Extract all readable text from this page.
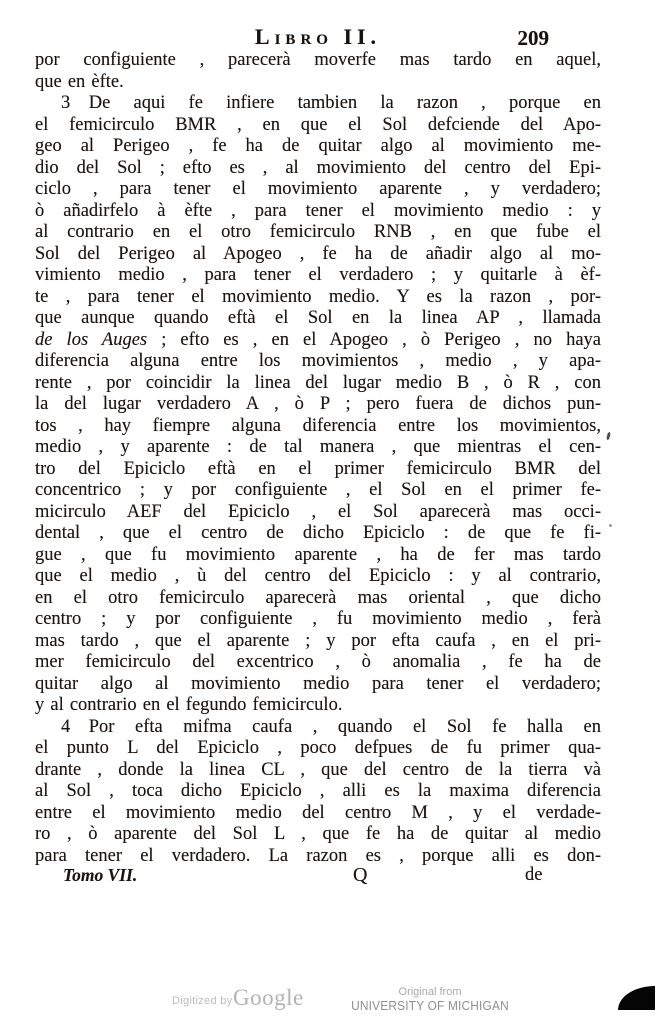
Libro II.	209
por configuiente , parecerà moverfe mas tardo en aquel,
que en èfte.
3  De aqui fe infiere tambien la razon , porque en
el femicirculo BMR , en que el Sol defciende del Apo-
geo al Perigeo , fe ha de quitar algo al movimiento me-
dio del Sol ; efto es , al movimiento del centro del Epi-
ciclo , para tener el movimiento aparente , y verdadero;
ò añadirfelo à èfte , para tener el movimiento medio : y
al contrario en el otro femicirculo RNB , en que fube el
Sol del Perigeo al Apogeo , fe ha de añadir algo al mo-
vimiento medio , para tener el verdadero ; y quitarle à èf-
te , para tener el movimiento medio. Y es la razon , por-
que aunque quando eftà el Sol en la linea AP , llamada
de los Auges ; efto es , en el Apogeo , ò Perigeo , no haya
diferencia alguna entre los movimientos , medio , y apa-
rente , por coincidir la linea del lugar medio B , ò R , con
la del lugar verdadero A , ò P ; pero fuera de dichos pun-
tos , hay fiempre alguna diferencia entre los movimientos,
medio , y aparente : de tal manera , que mientras el cen-
tro del Epiciclo eftà en el primer femicirculo BMR del
concentrico ; y por configuiente , el Sol en el primer fe-
micirculo AEF del Epiciclo , el Sol aparecerà mas occi-
dental , que el centro de dicho Epiciclo : de que fe fi-
gue , que fu movimiento aparente , ha de fer mas tardo
que el medio , ù del centro del Epiciclo : y al contrario,
en el otro femicirculo aparecerà mas oriental , que dicho
centro ; y por configuiente , fu movimiento medio , ferà
mas tardo , que el aparente ; y por efta caufa , en el pri-
mer femicirculo del excentrico , ò anomalia , fe ha de
quitar algo al movimiento medio para tener el verdadero;
y al contrario en el fegundo femicirculo.
4  Por efta mifma caufa , quando el Sol fe halla en
el punto L del Epiciclo , poco defpues de fu primer qua-
drante , donde la linea CL , que del centro de la tierra và
al Sol , toca dicho Epiciclo , alli es la maxima diferencia
entre el movimiento medio del centro M , y el verdade-
ro , ò aparente del Sol L , que fe ha de quitar al medio
para tener el verdadero. La razon es , porque alli es don-
Tomo VII.	Q	de
Digitized by Google	Original from
UNIVERSITY OF MICHIGAN
